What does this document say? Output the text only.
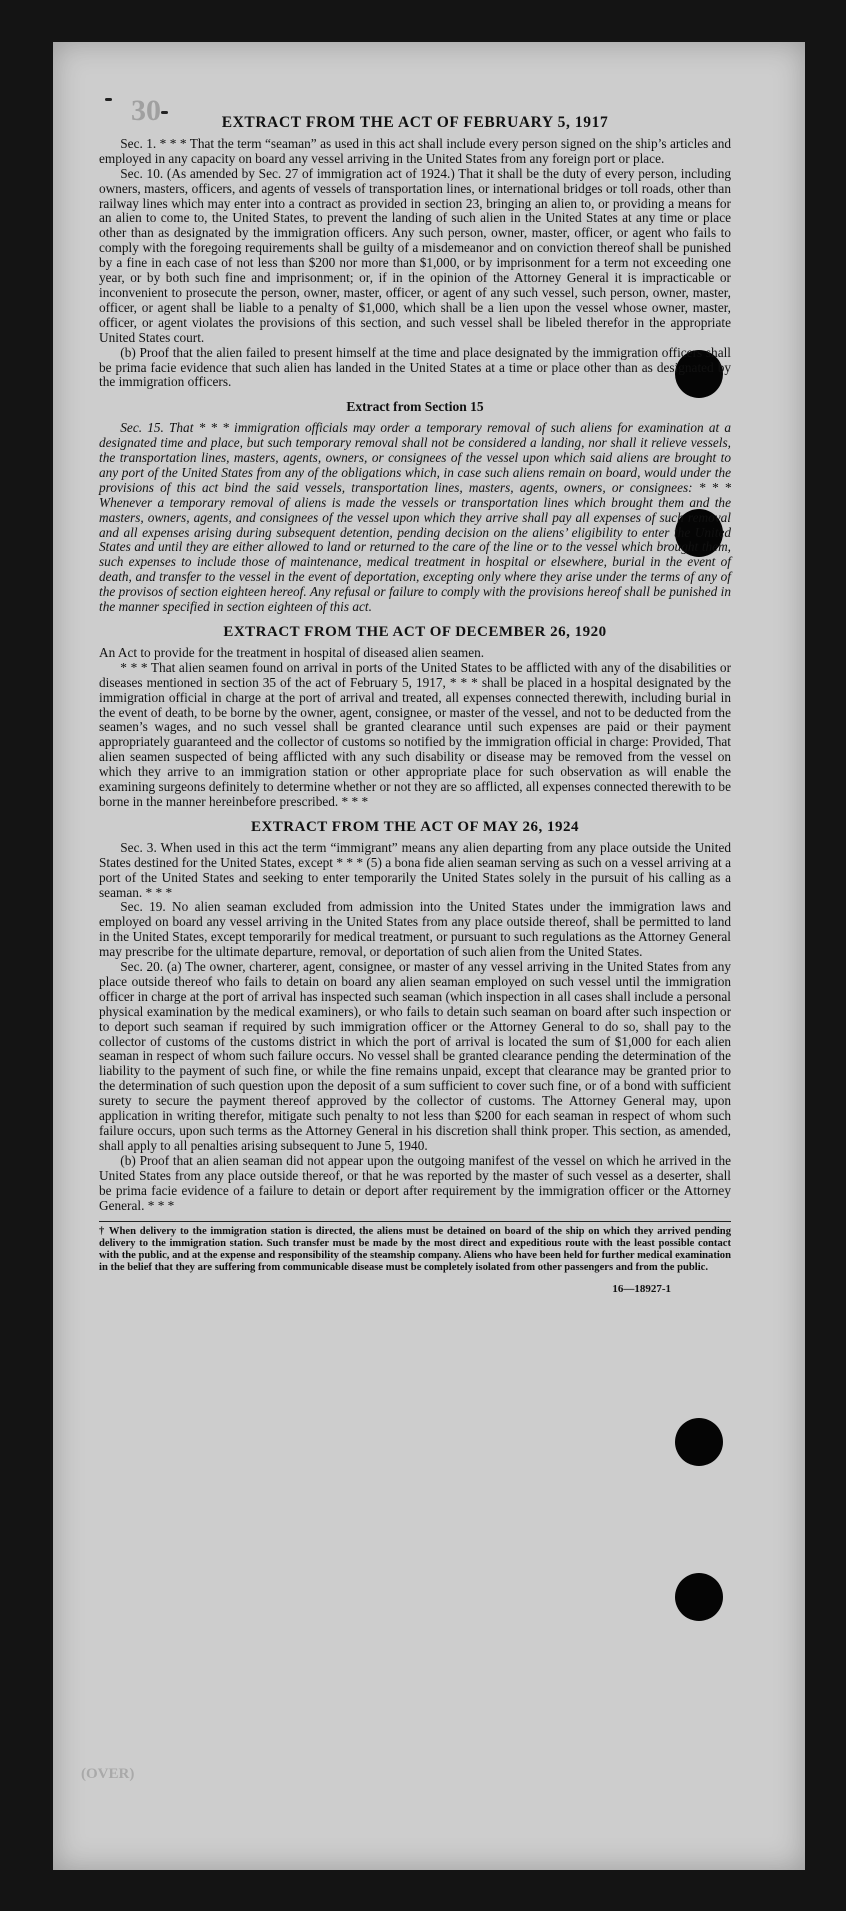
30
(OVER)
EXTRACT FROM THE ACT OF FEBRUARY 5, 1917

Sec. 1. * * * That the term “seaman” as used in this act shall include every person signed on the ship’s articles and employed in any capacity on board any vessel arriving in the United States from any foreign port or place.

Sec. 10. (As amended by Sec. 27 of immigration act of 1924.) That it shall be the duty of every person, including owners, masters, officers, and agents of vessels of transportation lines, or international bridges or toll roads, other than railway lines which may enter into a contract as provided in section 23, bringing an alien to, or providing a means for an alien to come to, the United States, to prevent the landing of such alien in the United States at any time or place other than as designated by the immigration officers. Any such person, owner, master, officer, or agent who fails to comply with the foregoing requirements shall be guilty of a misdemeanor and on conviction thereof shall be punished by a fine in each case of not less than $200 nor more than $1,000, or by imprisonment for a term not exceeding one year, or by both such fine and imprisonment; or, if in the opinion of the Attorney General it is impracticable or inconvenient to prosecute the person, owner, master, officer, or agent of any such vessel, such person, owner, master, officer, or agent shall be liable to a penalty of $1,000, which shall be a lien upon the vessel whose owner, master, officer, or agent violates the provisions of this section, and such vessel shall be libeled therefor in the appropriate United States court.

(b) Proof that the alien failed to present himself at the time and place designated by the immigration officers shall be prima facie evidence that such alien has landed in the United States at a time or place other than as designated by the immigration officers.

Extract from Section 15

Sec. 15. That * * * immigration officials may order a temporary removal of such aliens for examination at a designated time and place, but such temporary removal shall not be considered a landing, nor shall it relieve vessels, the transportation lines, masters, agents, owners, or consignees of the vessel upon which said aliens are brought to any port of the United States from any of the obligations which, in case such aliens remain on board, would under the provisions of this act bind the said vessels, transportation lines, masters, agents, owners, or consignees: * * * Whenever a temporary removal of aliens is made the vessels or transportation lines which brought them and the masters, owners, agents, and consignees of the vessel upon which they arrive shall pay all expenses of such removal and all expenses arising during subsequent detention, pending decision on the aliens’ eligibility to enter the United States and until they are either allowed to land or returned to the care of the line or to the vessel which brought them, such expenses to include those of maintenance, medical treatment in hospital or elsewhere, burial in the event of death, and transfer to the vessel in the event of deportation, excepting only where they arise under the terms of any of the provisos of section eighteen hereof. Any refusal or failure to comply with the provisions hereof shall be punished in the manner specified in section eighteen of this act.

EXTRACT FROM THE ACT OF DECEMBER 26, 1920

An Act to provide for the treatment in hospital of diseased alien seamen.

* * * That alien seamen found on arrival in ports of the United States to be afflicted with any of the disabilities or diseases mentioned in section 35 of the act of February 5, 1917, * * * shall be placed in a hospital designated by the immigration official in charge at the port of arrival and treated, all expenses connected therewith, including burial in the event of death, to be borne by the owner, agent, consignee, or master of the vessel, and not to be deducted from the seamen’s wages, and no such vessel shall be granted clearance until such expenses are paid or their payment appropriately guaranteed and the collector of customs so notified by the immigration official in charge: Provided, That alien seamen suspected of being afflicted with any such disability or disease may be removed from the vessel on which they arrive to an immigration station or other appropriate place for such observation as will enable the examining surgeons definitely to determine whether or not they are so afflicted, all expenses connected therewith to be borne in the manner hereinbefore prescribed. * * *

EXTRACT FROM THE ACT OF MAY 26, 1924

Sec. 3. When used in this act the term “immigrant” means any alien departing from any place outside the United States destined for the United States, except * * * (5) a bona fide alien seaman serving as such on a vessel arriving at a port of the United States and seeking to enter temporarily the United States solely in the pursuit of his calling as a seaman. * * *

Sec. 19. No alien seaman excluded from admission into the United States under the immigration laws and employed on board any vessel arriving in the United States from any place outside thereof, shall be permitted to land in the United States, except temporarily for medical treatment, or pursuant to such regulations as the Attorney General may prescribe for the ultimate departure, removal, or deportation of such alien from the United States.

Sec. 20. (a) The owner, charterer, agent, consignee, or master of any vessel arriving in the United States from any place outside thereof who fails to detain on board any alien seaman employed on such vessel until the immigration officer in charge at the port of arrival has inspected such seaman (which inspection in all cases shall include a personal physical examination by the medical examiners), or who fails to detain such seaman on board after such inspection or to deport such seaman if required by such immigration officer or the Attorney General to do so, shall pay to the collector of customs of the customs district in which the port of arrival is located the sum of $1,000 for each alien seaman in respect of whom such failure occurs. No vessel shall be granted clearance pending the determination of the liability to the payment of such fine, or while the fine remains unpaid, except that clearance may be granted prior to the determination of such question upon the deposit of a sum sufficient to cover such fine, or of a bond with sufficient surety to secure the payment thereof approved by the collector of customs. The Attorney General may, upon application in writing therefor, mitigate such penalty to not less than $200 for each seaman in respect of whom such failure occurs, upon such terms as the Attorney General in his discretion shall think proper. This section, as amended, shall apply to all penalties arising subsequent to June 5, 1940.

(b) Proof that an alien seaman did not appear upon the outgoing manifest of the vessel on which he arrived in the United States from any place outside thereof, or that he was reported by the master of such vessel as a deserter, shall be prima facie evidence of a failure to detain or deport after requirement by the immigration officer or the Attorney General. * * *

† When delivery to the immigration station is directed, the aliens must be detained on board of the ship on which they arrived pending delivery to the immigration station. Such transfer must be made by the most direct and expeditious route with the least possible contact with the public, and at the expense and responsibility of the steamship company. Aliens who have been held for further medical examination in the belief that they are suffering from communicable disease must be completely isolated from other passengers and from the public.

16—18927-1
